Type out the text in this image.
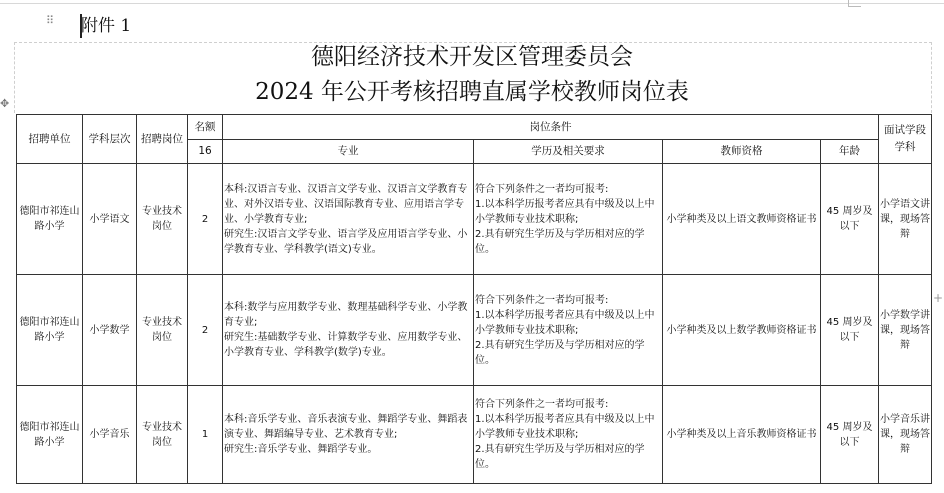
⠿ 附件 1
德阳经济技术开发区管理委员会
2024 年公开考核招聘直属学校教师岗位表
✥
+
招聘单位	学科层次	招聘岗位	名额	岗位条件				面试学段学科
			16	专业	学历及相关要求	教师资格	年龄	
德阳市祁连山路小学	小学语文	专业技术岗位	2	本科:汉语言专业、汉语言文学专业、汉语言文学教育专业、对外汉语专业、汉语国际教育专业、应用语言学专业、小学教育专业;
研究生:汉语言文学专业、语言学及应用语言学专业、小学教育专业、学科教学(语文)专业。	符合下列条件之一者均可报考:
1.以本科学历报考者应具有中级及以上中小学教师专业技术职称;
2.具有研究生学历及与学历相对应的学位。	小学种类及以上语文教师资格证书	45 周岁及以下	小学语文讲课，现场答辩
德阳市祁连山路小学	小学数学	专业技术岗位	2	本科:数学与应用数学专业、数理基础科学专业、小学教育专业;
研究生:基础数学专业、计算数学专业、应用数学专业、小学教育专业、学科教学(数学)专业。	符合下列条件之一者均可报考:
1.以本科学历报考者应具有中级及以上中小学教师专业技术职称;
2.具有研究生学历及与学历相对应的学位。	小学种类及以上数学教师资格证书	45 周岁及以下	小学数学讲课，现场答辩
德阳市祁连山路小学	小学音乐	专业技术岗位	1	本科:音乐学专业、音乐表演专业、舞蹈学专业、舞蹈表演专业、舞蹈编导专业、艺术教育专业;
研究生:音乐学专业、舞蹈学专业。	符合下列条件之一者均可报考:
1.以本科学历报考者应具有中级及以上中小学教师专业技术职称;
2.具有研究生学历及与学历相对应的学位。	小学种类及以上音乐教师资格证书	45 周岁及以下	小学音乐讲课，现场答辩
